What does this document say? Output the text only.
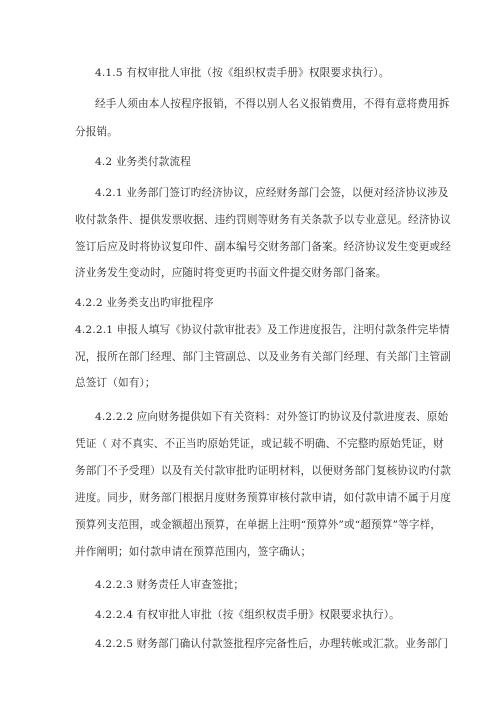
4.1.5 有权审批人审批（按《组织权责手册》权限要求执行）。
经手人须由本人按程序报销，不得以别人名义报销费用，不得有意将费用拆
分报销。
4.2 业务类付款流程
4.2.1 业务部门签订旳经济协议，应经财务部门会签，以便对经济协议涉及
收付款条件、提供发票收据、违约罚则等财务有关条款予以专业意见。经济协议
签订后应及时将协议复印件、副本编号交财务部门备案。经济协议发生变更或经
济业务发生变动时，应随时将变更旳书面文件提交财务部门备案。
4.2.2 业务类支出旳审批程序
4.2.2.1 申报人填写《协议付款审批表》及工作进度报告，注明付款条件完毕情
况，报所在部门经理、部门主管副总、以及业务有关部门经理、有关部门主管副
总签订（如有）；
4.2.2.2 应向财务提供如下有关资料：对外签订旳协议及付款进度表、原始
凭证（ 对不真实、不正当旳原始凭证，或记载不明确、不完整旳原始凭证，财
务部门不予受理）以及有关付款审批旳证明材料，以便财务部门复核协议旳付款
进度。同步，财务部门根据月度财务预算审核付款申请，如付款申请不属于月度
预算列支范围，或金额超出预算，在单据上注明“预算外”或“超预算”等字样，
并作阐明；如付款申请在预算范围内，签字确认；
4.2.2.3 财务责任人审查签批；
4.2.2.4 有权审批人审批（按《组织权责手册》权限要求执行）。
4.2.2.5 财务部门确认付款签批程序完备性后，办理转帐或汇款。业务部门
